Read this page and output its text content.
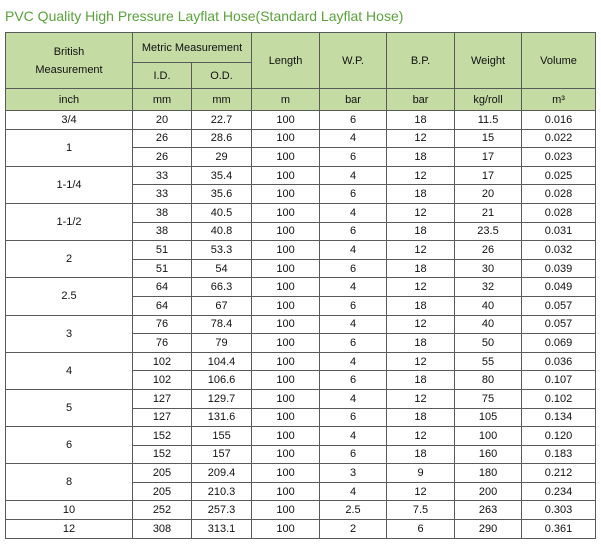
PVC Quality High Pressure Layflat Hose(Standard Layflat Hose)
British
Measurement	Metric Measurement		Length	W.P.	B.P.	Weight	Volume
	I.D.	O.D.					
inch	mm	mm	m	bar	bar	kg/roll	m³
3/4	20	22.7	100	6	18	11.5	0.016
1	26	28.6	100	4	12	15	0.022
	26	29	100	6	18	17	0.023
1-1/4	33	35.4	100	4	12	17	0.025
	33	35.6	100	6	18	20	0.028
1-1/2	38	40.5	100	4	12	21	0.028
	38	40.8	100	6	18	23.5	0.031
2	51	53.3	100	4	12	26	0.032
	51	54	100	6	18	30	0.039
2.5	64	66.3	100	4	12	32	0.049
	64	67	100	6	18	40	0.057
3	76	78.4	100	4	12	40	0.057
	76	79	100	6	18	50	0.069
4	102	104.4	100	4	12	55	0.036
	102	106.6	100	6	18	80	0.107
5	127	129.7	100	4	12	75	0.102
	127	131.6	100	6	18	105	0.134
6	152	155	100	4	12	100	0.120
	152	157	100	6	18	160	0.183
8	205	209.4	100	3	9	180	0.212
	205	210.3	100	4	12	200	0.234
10	252	257.3	100	2.5	7.5	263	0.303
12	308	313.1	100	2	6	290	0.361
